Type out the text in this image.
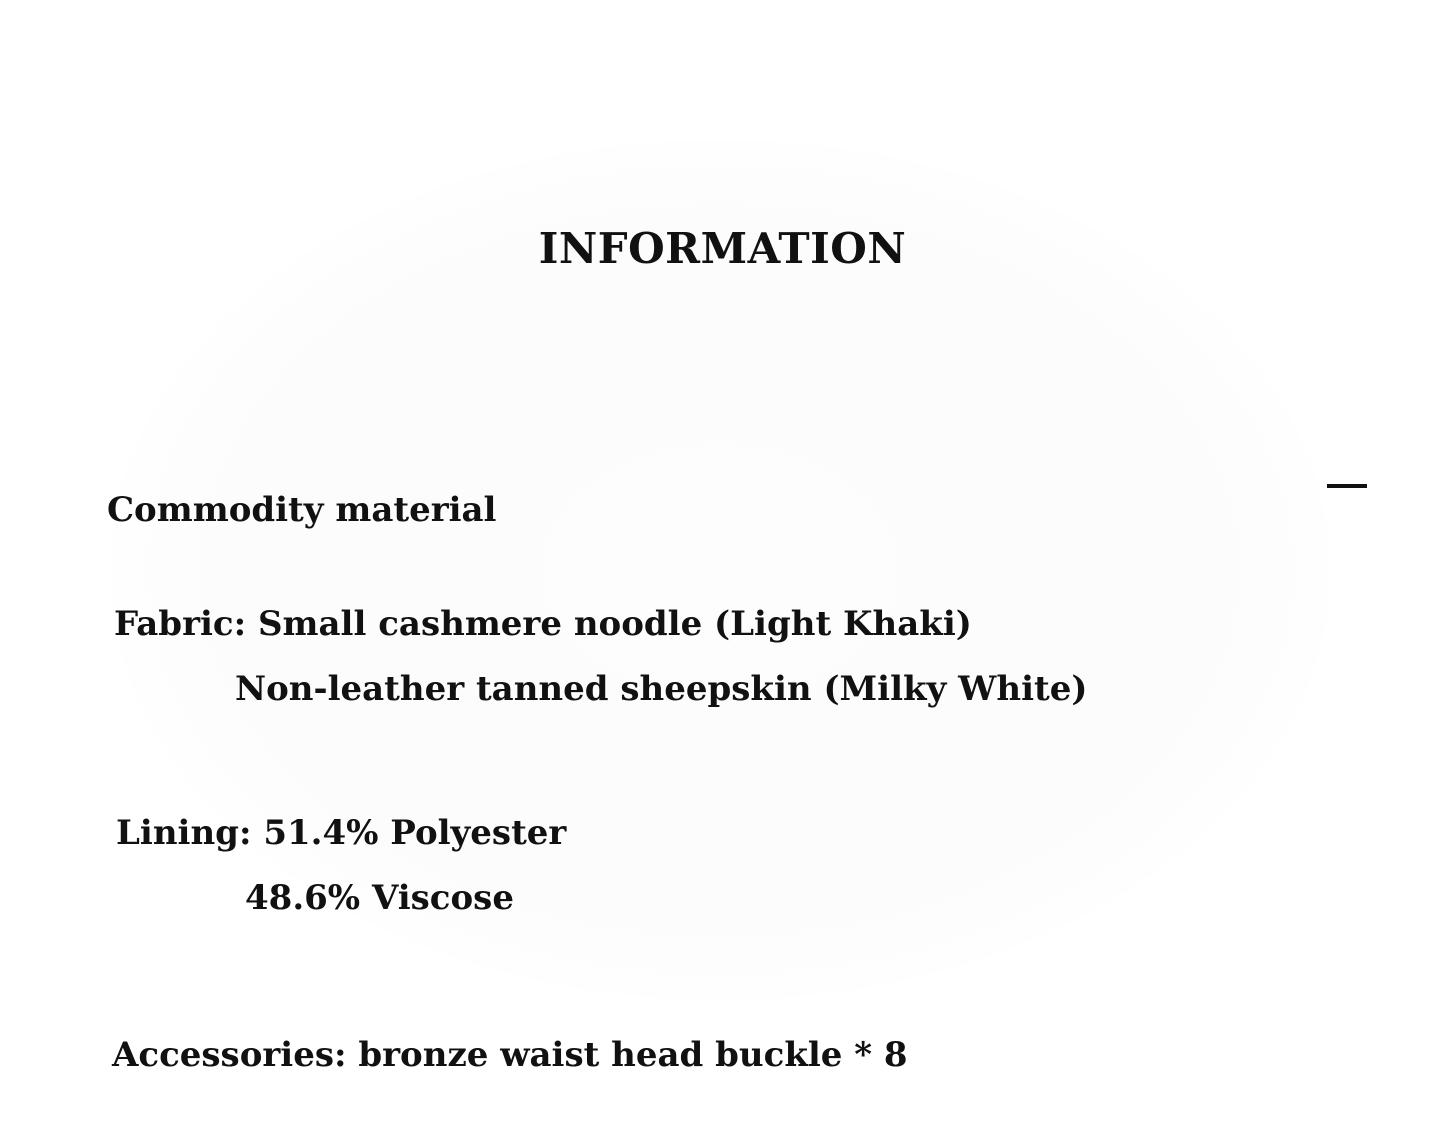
INFORMATION
Commodity material
Fabric: Small cashmere noodle (Light Khaki)
Non-leather tanned sheepskin (Milky White)
Lining: 51.4% Polyester
48.6% Viscose
Accessories: bronze waist head buckle * 8
